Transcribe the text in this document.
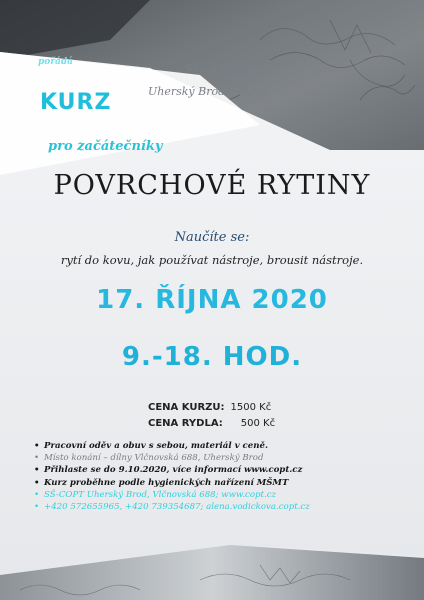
SŠ – COPT
Uherský Brod – Rytec
pořádá
KURZ
pro začátečníky
POVRCHOVÉ RYTINY
Naučíte se:
rytí do kovu, jak používat nástroje, brousit nástroje.
17. ŘÍJNA 2020
9.-18. HOD.
CENA KURZU: 1500 Kč
CENA RYDLA: 500 Kč
• Pracovní oděv a obuv s sebou, materiál v ceně.
• Místo konání – dílny Vlčnovská 688, Uherský Brod
• Přihlaste se do 9.10.2020, více informací www.copt.cz
• Kurz proběhne podle hygienických nařízení MŠMT
• SŠ-COPT Uherský Brod, Vlčnovská 688; www.copt.cz
• +420 572655965, +420 739354687; alena.vodickova.copt.cz
